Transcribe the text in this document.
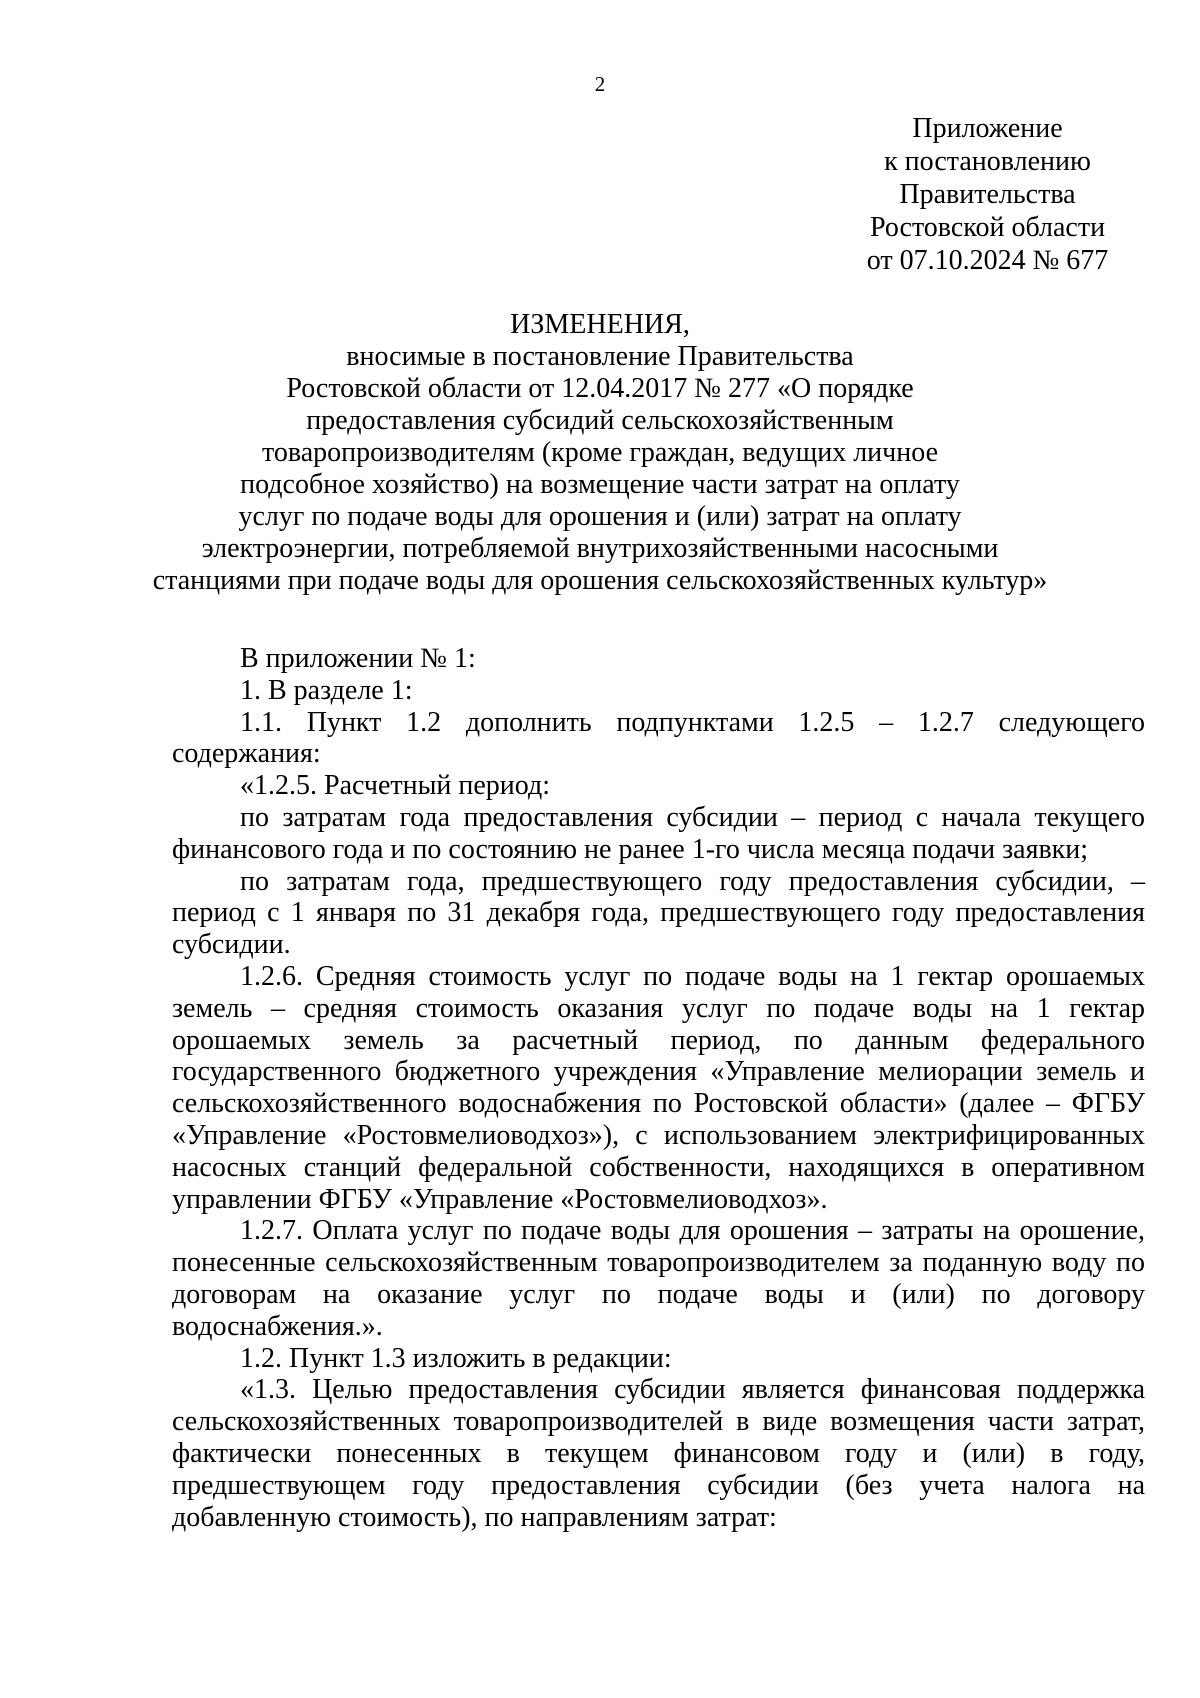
2
Приложение
к постановлению
Правительства
Ростовской области
от 07.10.2024 № 677
ИЗМЕНЕНИЯ,
вносимые в постановление Правительства
Ростовской области от 12.04.2017 № 277 «О порядке
предоставления субсидий сельскохозяйственным
товаропроизводителям (кроме граждан, ведущих личное
подсобное хозяйство) на возмещение части затрат на оплату
услуг по подаче воды для орошения и (или) затрат на оплату
электроэнергии, потребляемой внутрихозяйственными насосными
станциями при подаче воды для орошения сельскохозяйственных культур»

В приложении № 1:

1. В разделе 1:

1.1. Пункт 1.2 дополнить подпунктами 1.2.5 – 1.2.7 следующего содержания:

«1.2.5. Расчетный период:

по затратам года предоставления субсидии – период с начала текущего финансового года и по состоянию не ранее 1-го числа месяца подачи заявки;

по затратам года, предшествующего году предоставления субсидии, – период с 1 января по 31 декабря года, предшествующего году предоставления субсидии.

1.2.6. Средняя стоимость услуг по подаче воды на 1 гектар орошаемых земель – средняя стоимость оказания услуг по подаче воды на 1 гектар орошаемых земель за расчетный период, по данным федерального государственного бюджетного учреждения «Управление мелиорации земель и сельскохозяйственного водоснабжения по Ростовской области» (далее – ФГБУ «Управление «Ростовмелиоводхоз»), с использованием электрифицированных насосных станций федеральной собственности, находящихся в оперативном управлении ФГБУ «Управление «Ростовмелиоводхоз».

1.2.7. Оплата услуг по подаче воды для орошения – затраты на орошение, понесенные сельскохозяйственным товаропроизводителем за поданную воду по договорам на оказание услуг по подаче воды и (или) по договору водоснабжения.».

1.2. Пункт 1.3 изложить в редакции:

«1.3. Целью предоставления субсидии является финансовая поддержка сельскохозяйственных товаропроизводителей в виде возмещения части затрат, фактически понесенных в текущем финансовом году и (или) в году, предшествующем году предоставления субсидии (без учета налога на добавленную стоимость), по направлениям затрат:
